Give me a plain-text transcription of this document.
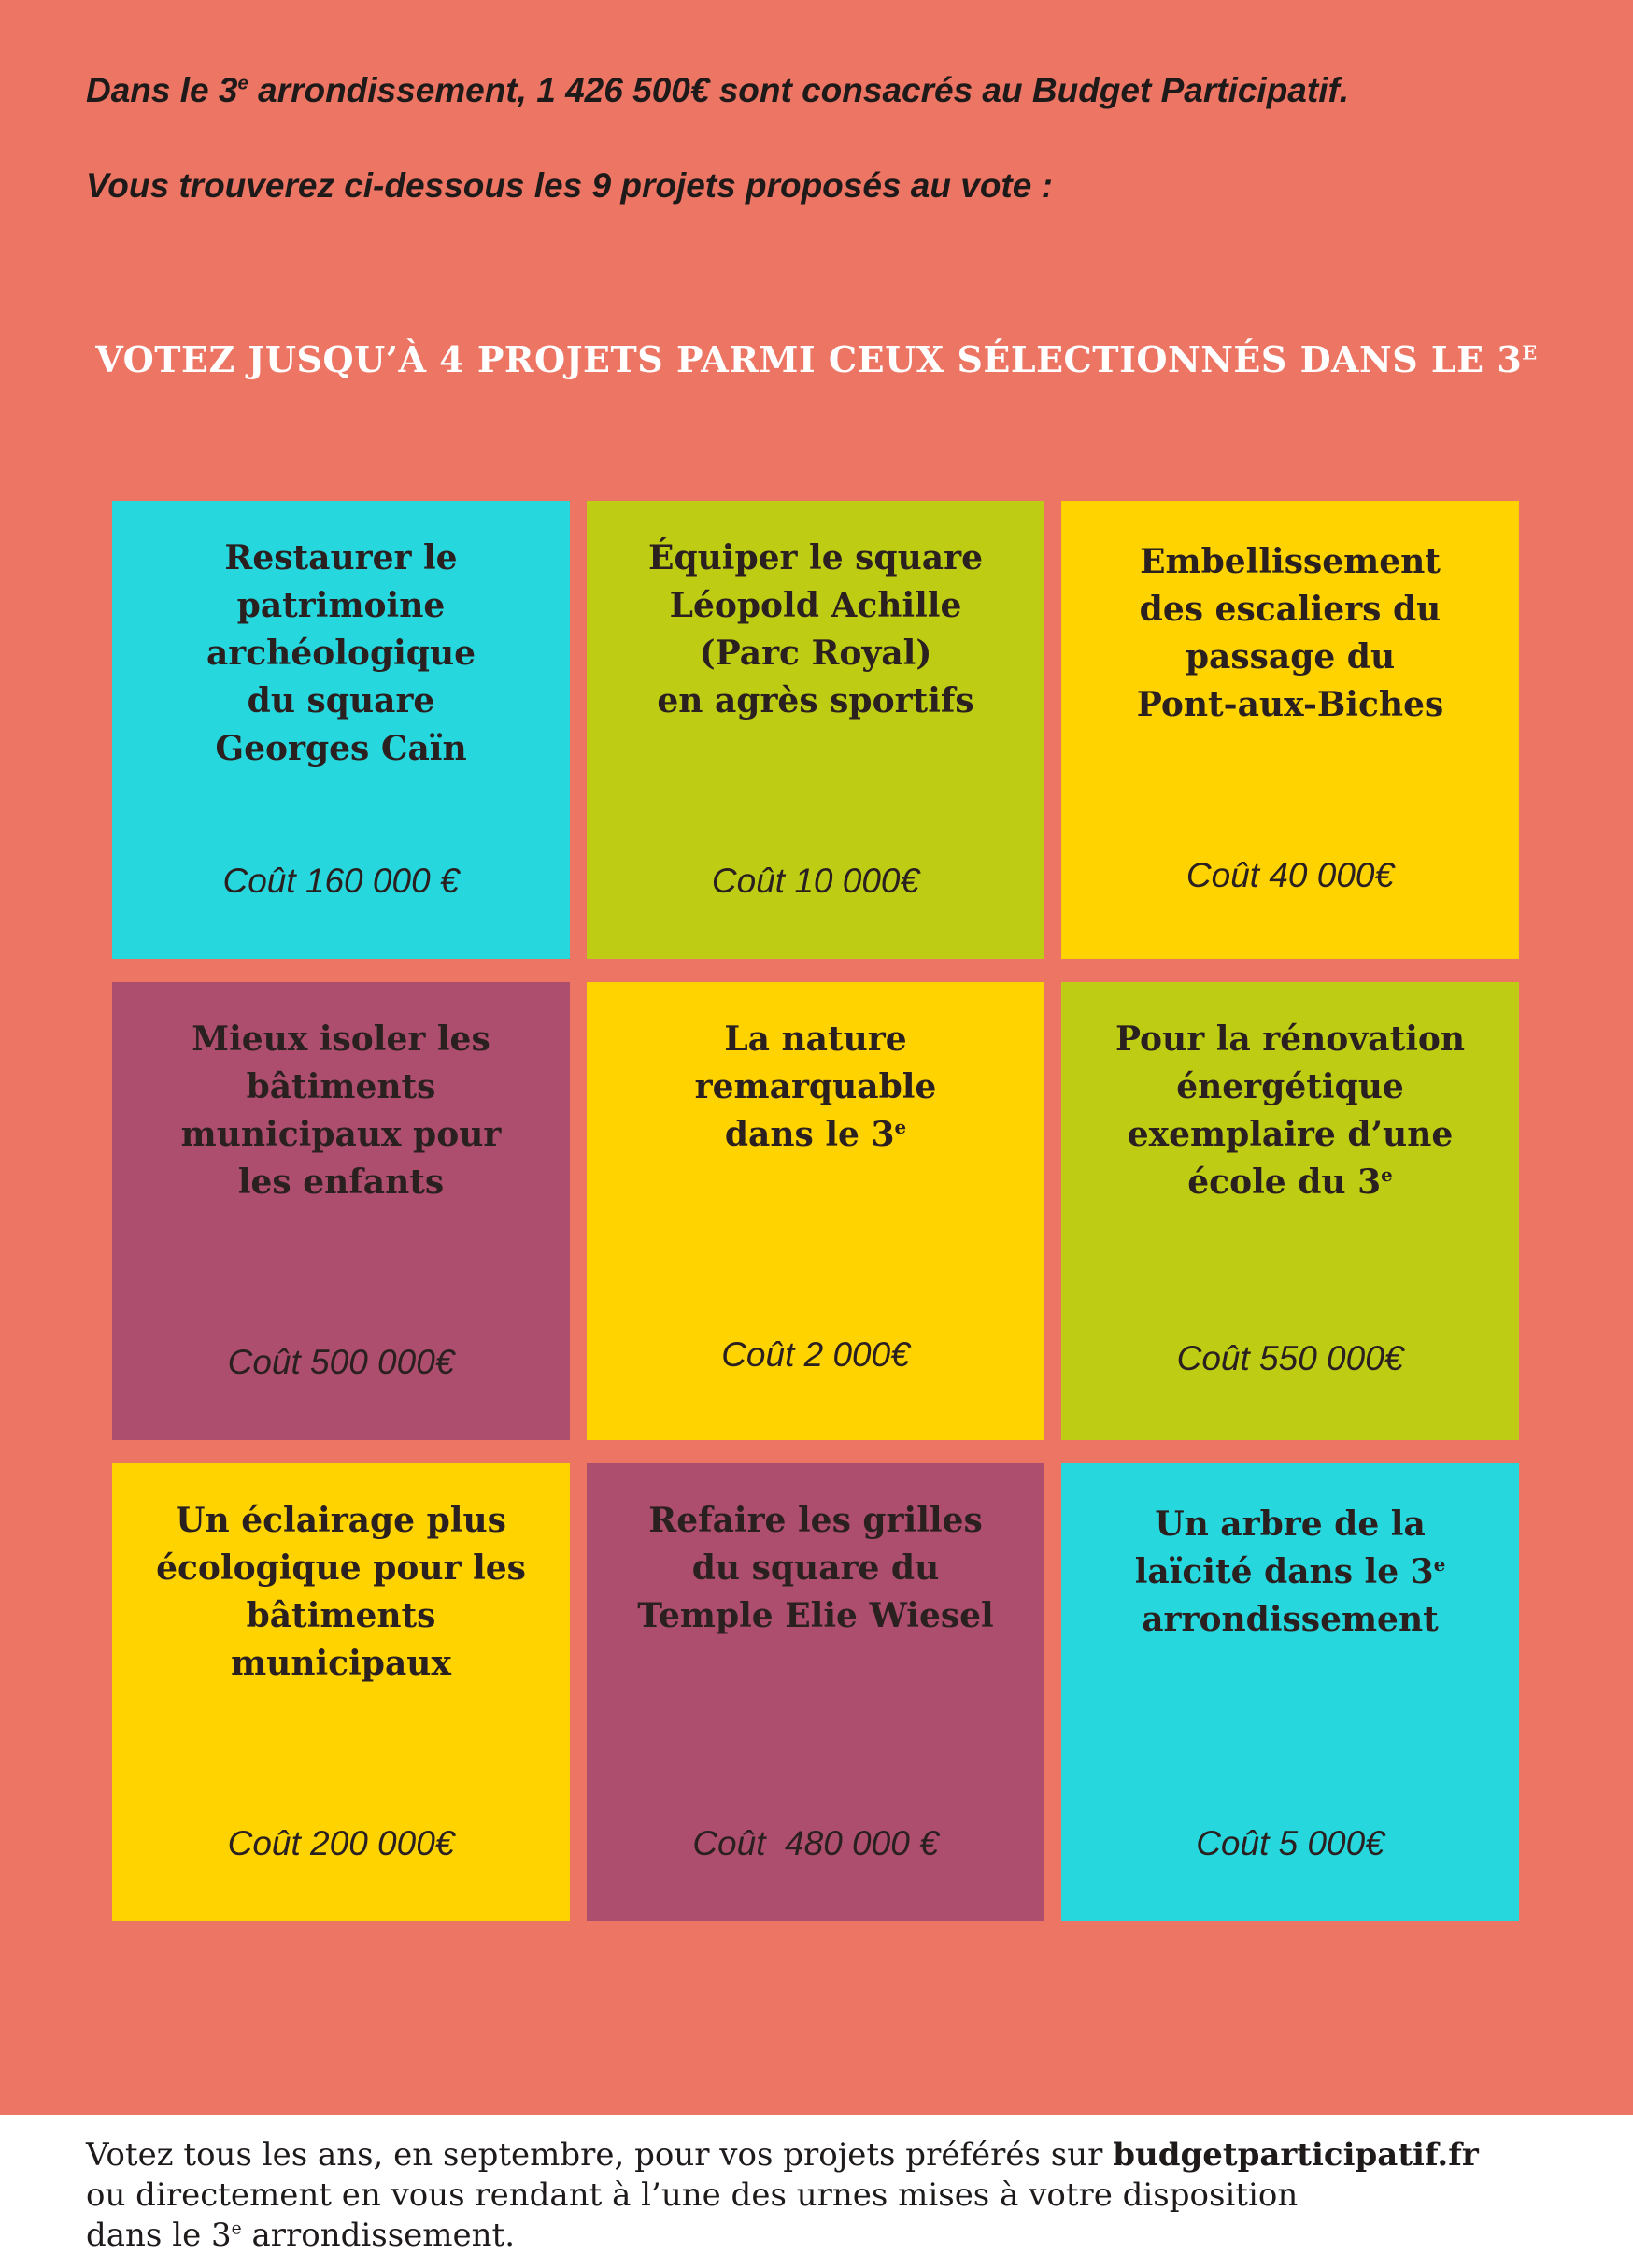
Dans le 3e arrondissement, 1 426 500€ sont consacrés au Budget Participatif.

Vous trouverez ci-dessous les 9 projets proposés au vote :

VOTEZ JUSQU’À 4 PROJETS PARMI CEUX SÉLECTIONNÉS DANS LE $3^E$

Restaurer le
patrimoine
archéologique
du square
Georges Caïn

Coût 160 000 €

Équiper le square
Léopold Achille
(Parc Royal)
en agrès sportifs

Coût 10 000€

Embellissement
des escaliers du
passage du
Pont-aux-Biches

Coût 40 000€

Mieux isoler les
bâtiments
municipaux pour
les enfants

Coût 500 000€

La nature
remarquable
dans le 3e

Coût 2 000€

Pour la rénovation
énergétique
exemplaire d’une
école du 3e

Coût 550 000€

Un éclairage plus
écologique pour les
bâtiments
municipaux

Coût 200 000€

Refaire les grilles
du square du
Temple Elie Wiesel

Coût  480 000 €

Un arbre de la
laïcité dans le 3e
arrondissement

Coût 5 000€

Votez tous les ans, en septembre, pour vos projets préférés sur budgetparticipatif.fr
ou directement en vous rendant à l’une des urnes mises à votre disposition
dans le 3e arrondissement.
